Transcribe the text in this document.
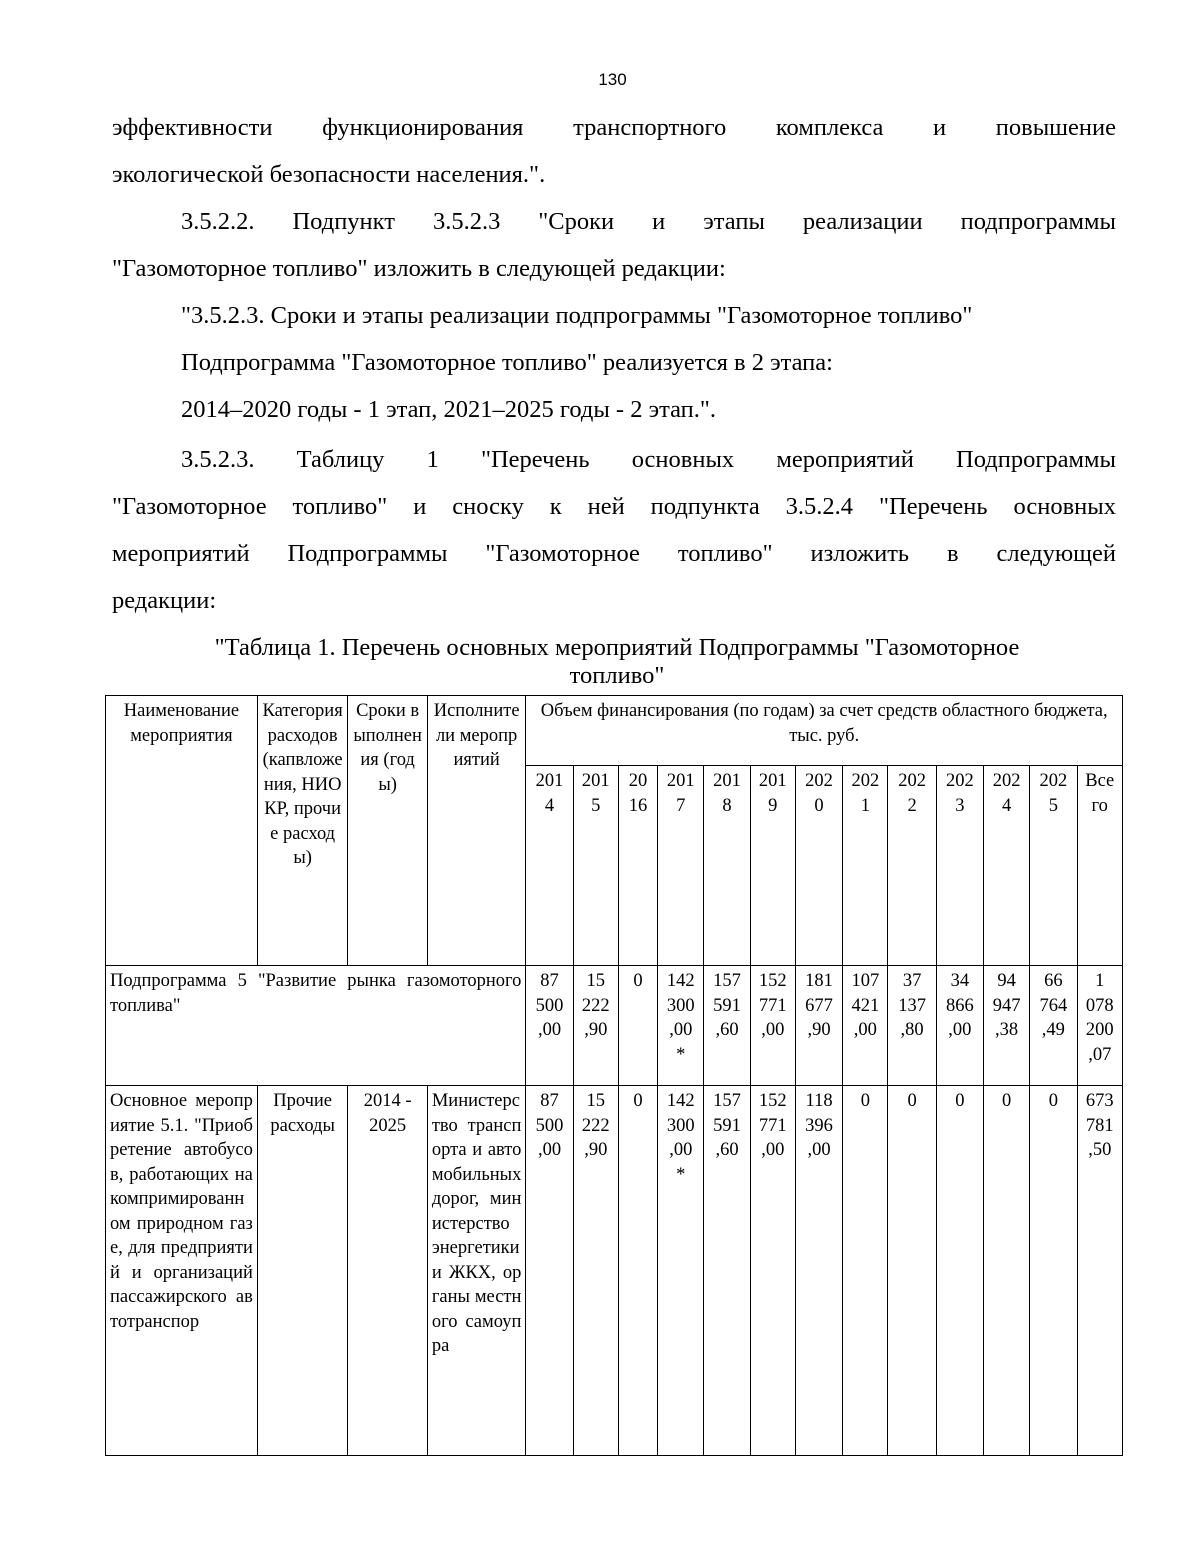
130
эффективности функционирования транспортного комплекса и повышение
экологической безопасности населения.".
3.5.2.2. Подпункт 3.5.2.3 "Сроки и этапы реализации подпрограммы
"Газомоторное топливо" изложить в следующей редакции:
"3.5.2.3. Сроки и этапы реализации подпрограммы "Газомоторное топливо"
Подпрограмма "Газомоторное топливо" реализуется в 2 этапа:
2014–2020 годы - 1 этап, 2021–2025 годы - 2 этап.".
3.5.2.3. Таблицу 1 "Перечень основных мероприятий Подпрограммы
"Газомоторное топливо" и сноску к ней подпункта 3.5.2.4 "Перечень основных
мероприятий Подпрограммы "Газомоторное топливо" изложить в следующей
редакции:
"Таблица 1. Перечень основных мероприятий Подпрограммы "Газомоторное
топливо"
Наименование мероприятия	Категория расходов (капвложения, НИОКР, прочие расходы)	Сроки выполнения (годы)	Исполнители мероприятий	Объем финансирования (по годам) за счет средств областного бюджета, тыс. руб.												

				201
4	201
5	20
16	201
7	201
8	201
9	202
0	202
1	202
2	202
3	202
4	202
5	Все
го

Подпрограмма 5 "Развитие рынка газомоторного топлива"				87
500
,00	15
222
,90	0	142
300
,00
*	157
591
,60	152
771
,00	181
677
,90	107
421
,00	37
137
,80	34
866
,00	94
947
,38	66
764
,49	1
078
200
,07

Основное мероприятие 5.1. "Приобретение автобусов, работающих на компримированном природном газе, для предприятий и организаций пассажирского автотранспор	Прочие расходы	2014 - 2025	Министерство транспорта и автомобильных дорог, министерство энергетики и ЖКХ, органы местного самоупра	87
500
,00	15
222
,90	0	142
300
,00
*	157
591
,60	152
771
,00	118
396
,00	0	0	0	0	0	673
781
,50
